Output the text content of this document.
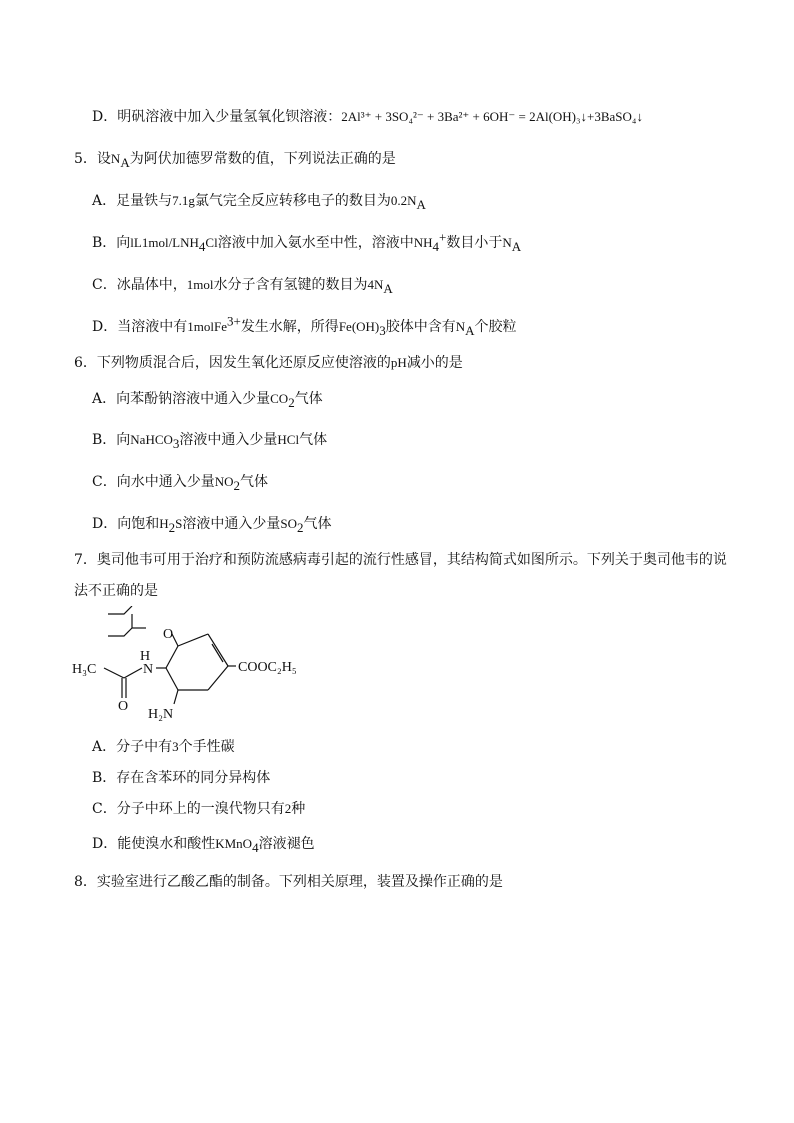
D．明矾溶液中加入少量氢氧化钡溶液：2Al³⁺ + 3SO₄²⁻ + 3Ba²⁺ + 6OH⁻ = 2Al(OH)₃↓+3BaSO₄↓
5．设$N_A$为阿伏加德罗常数的值，下列说法正确的是
A．足量铁与7.1g氯气完全反应转移电子的数目为$0.2N_A$
B．向$lL1mol/LNH_4Cl$溶液中加入氨水至中性，溶液中$NH_4^+$数目小于$N_A$
C．冰晶体中，1mol水分子含有氢键的数目为$4N_A$
D．当溶液中有1molFe$^{3+}$发生水解，所得$Fe(OH)_3$胶体中含有$N_A$个胶粒
6．下列物质混合后，因发生氧化还原反应使溶液的pH减小的是
A．向苯酚钠溶液中通入少量$CO_2$气体
B．向NaHCO$_3$溶液中通入少量HCl气体
C．向水中通入少量$NO_2$气体
D．向饱和$H_2S$溶液中通入少量$SO_2$气体
7．奥司他韦可用于治疗和预防流感病毒引起的流行性感冒，其结构简式如图所示。下列关于奥司他韦的说
法不正确的是
O
H
N
H₃C
O
H₂N
COOC₂H₅
A．分子中有3个手性碳
B．存在含苯环的同分异构体
C．分子中环上的一溴代物只有2种
D．能使溴水和酸性KMnO$_4$溶液褪色
8．实验室进行乙酸乙酯的制备。下列相关原理，装置及操作正确的是
